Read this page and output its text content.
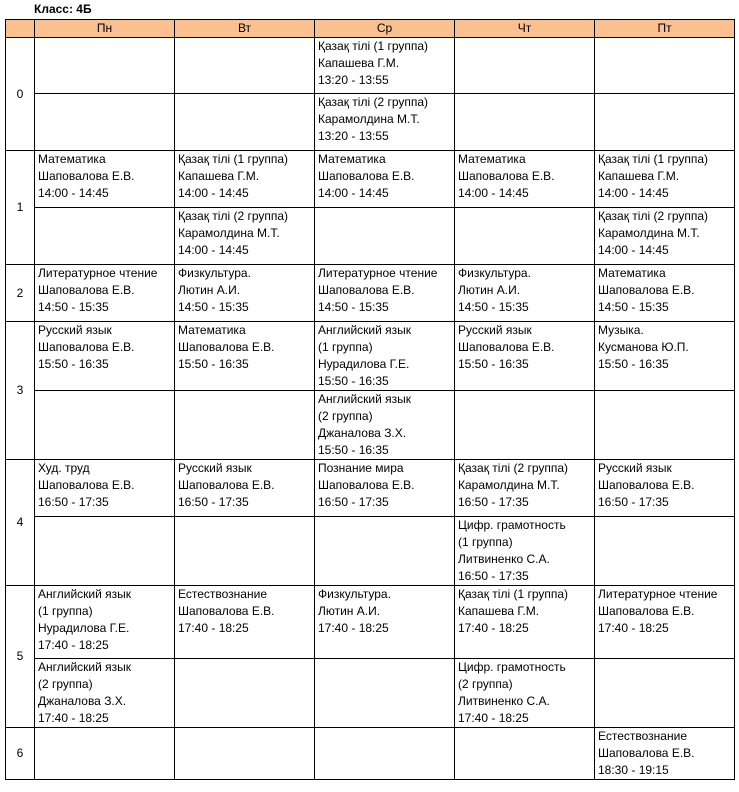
Класс: 4Б
	Пн	Вт	Ср	Чт	Пт
0			Қазақ тілі (1 группа)
Капашева Г.М.
13:20 - 13:55		

			Қазақ тілі (2 группа)
Карамолдина М.Т.
13:20 - 13:55		

1	Математика
Шаповалова Е.В.
14:00 - 14:45	Қазақ тілі (1 группа)
Капашева Г.М.
14:00 - 14:45	Математика
Шаповалова Е.В.
14:00 - 14:45	Математика
Шаповалова Е.В.
14:00 - 14:45	Қазақ тілі (1 группа)
Капашева Г.М.
14:00 - 14:45

		Қазақ тілі (2 группа)
Карамолдина М.Т.
14:00 - 14:45			Қазақ тілі (2 группа)
Карамолдина М.Т.
14:00 - 14:45

2	Литературное чтение
Шаповалова Е.В.
14:50 - 15:35	Физкультура.
Лютин А.И.
14:50 - 15:35	Литературное чтение
Шаповалова Е.В.
14:50 - 15:35	Физкультура.
Лютин А.И.
14:50 - 15:35	Математика
Шаповалова Е.В.
14:50 - 15:35

3	Русский язык
Шаповалова Е.В.
15:50 - 16:35	Математика
Шаповалова Е.В.
15:50 - 16:35	Английский язык
(1 группа)
Нурадилова Г.Е.
15:50 - 16:35	Русский язык
Шаповалова Е.В.
15:50 - 16:35	Музыка.
Кусманова Ю.П.
15:50 - 16:35

			Английский язык
(2 группа)
Джаналова З.Х.
15:50 - 16:35		

4	Худ. труд
Шаповалова Е.В.
16:50 - 17:35	Русский язык
Шаповалова Е.В.
16:50 - 17:35	Познание мира
Шаповалова Е.В.
16:50 - 17:35	Қазақ тілі (2 группа)
Карамолдина М.Т.
16:50 - 17:35	Русский язык
Шаповалова Е.В.
16:50 - 17:35

				Цифр. грамотность
(1 группа)
Литвиненко С.А.
16:50 - 17:35	

5	Английский язык
(1 группа)
Нурадилова Г.Е.
17:40 - 18:25	Естествознание
Шаповалова Е.В.
17:40 - 18:25	Физкультура.
Лютин А.И.
17:40 - 18:25	Қазақ тілі (1 группа)
Капашева Г.М.
17:40 - 18:25	Литературное чтение
Шаповалова Е.В.
17:40 - 18:25

	Английский язык
(2 группа)
Джаналова З.Х.
17:40 - 18:25			Цифр. грамотность
(2 группа)
Литвиненко С.А.
17:40 - 18:25	

6					Естествознание
Шаповалова Е.В.
18:30 - 19:15
